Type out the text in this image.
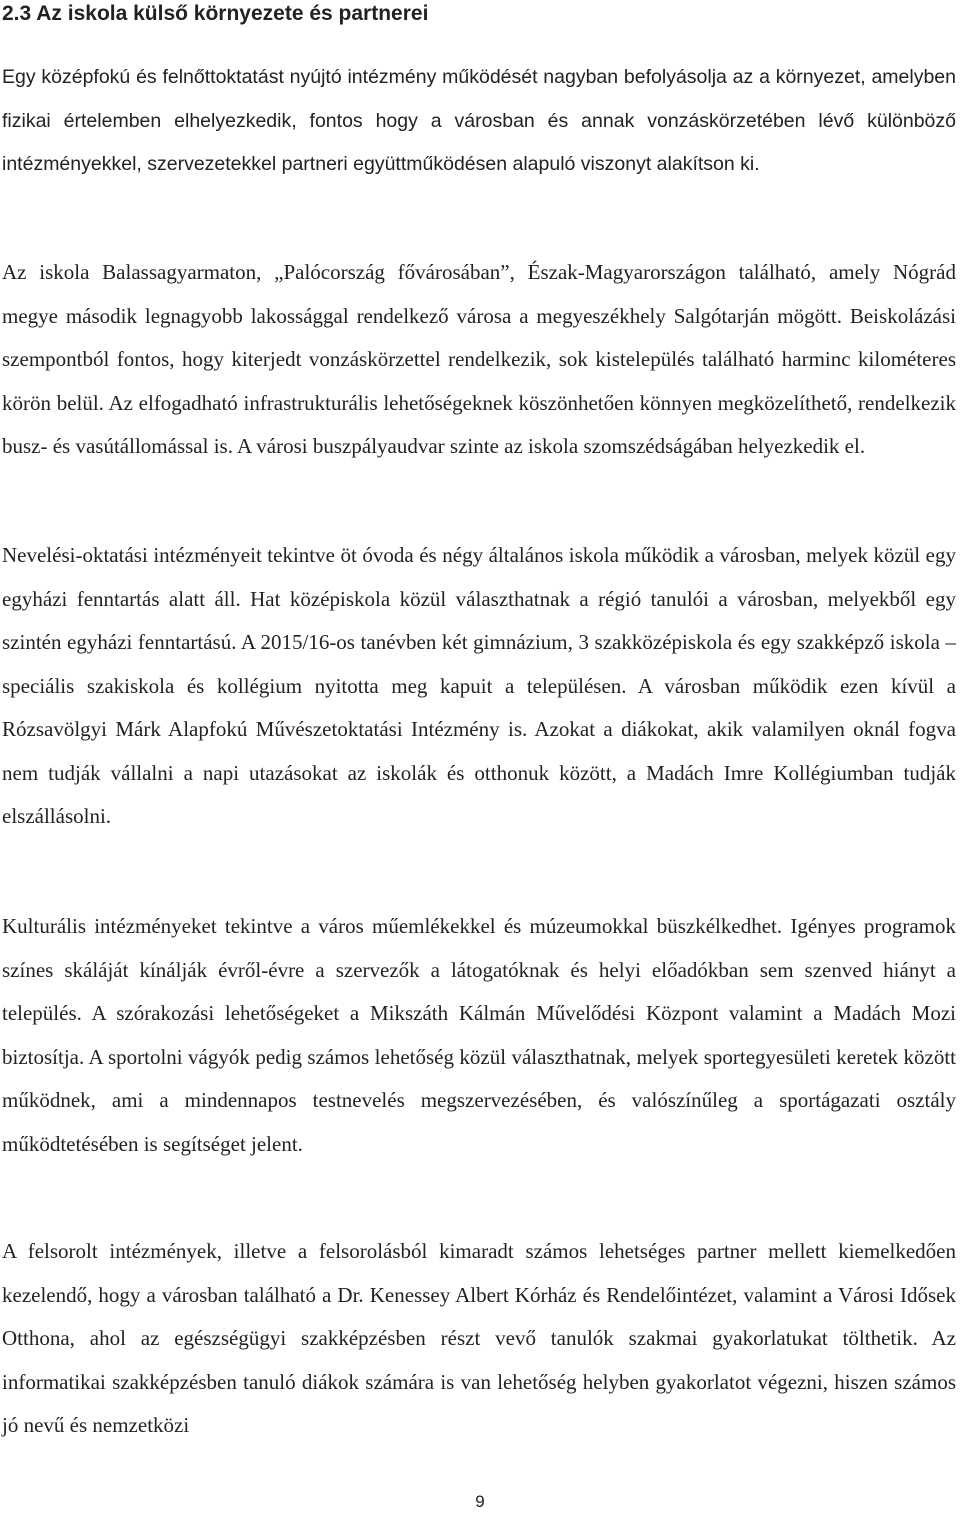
2.3 Az iskola külső környezete és partnerei

Egy középfokú és felnőttoktatást nyújtó intézmény működését nagyban befolyásolja az a környezet, amelyben fizikai értelemben elhelyezkedik, fontos hogy a városban és annak vonzáskörzetében lévő különböző intézményekkel, szervezetekkel partneri együttműködésen alapuló viszonyt alakítson ki.

Az iskola Balassagyarmaton, „Palócország fővárosában”, Észak-Magyarországon található, amely Nógrád megye második legnagyobb lakossággal rendelkező városa a megyeszékhely Salgótarján mögött. Beiskolázási szempontból fontos, hogy kiterjedt vonzáskörzettel rendelkezik, sok kistelepülés található harminc kilométeres körön belül. Az elfogadható infrastrukturális lehetőségeknek köszönhetően könnyen megközelíthető, rendelkezik busz- és vasútállomással is. A városi buszpályaudvar szinte az iskola szomszédságában helyezkedik el.

Nevelési-oktatási intézményeit tekintve öt óvoda és négy általános iskola működik a városban, melyek közül egy egyházi fenntartás alatt áll. Hat középiskola közül választhatnak a régió tanulói a városban, melyekből egy szintén egyházi fenntartású. A 2015/16-os tanévben két gimnázium, 3 szakközépiskola és egy szakképző iskola – speciális szakiskola és kollégium nyitotta meg kapuit a településen. A városban működik ezen kívül a Rózsavölgyi Márk Alapfokú Művészetoktatási Intézmény is. Azokat a diákokat, akik valamilyen oknál fogva nem tudják vállalni a napi utazásokat az iskolák és otthonuk között, a Madách Imre Kollégiumban tudják elszállásolni.

Kulturális intézményeket tekintve a város műemlékekkel és múzeumokkal büszkélkedhet. Igényes programok színes skáláját kínálják évről-évre a szervezők a látogatóknak és helyi előadókban sem szenved hiányt a település. A szórakozási lehetőségeket a Mikszáth Kálmán Művelődési Központ valamint a Madách Mozi biztosítja. A sportolni vágyók pedig számos lehetőség közül választhatnak, melyek sportegyesületi keretek között működnek, ami a mindennapos testnevelés megszervezésében, és valószínűleg a sportágazati osztály működtetésében is segítséget jelent.

A felsorolt intézmények, illetve a felsorolásból kimaradt számos lehetséges partner mellett kiemelkedően kezelendő, hogy a városban található a Dr. Kenessey Albert Kórház és Rendelőintézet, valamint a Városi Idősek Otthona, ahol az egészségügyi szakképzésben részt vevő tanulók szakmai gyakorlatukat tölthetik. Az informatikai szakképzésben tanuló diákok számára is van lehetőség helyben gyakorlatot végezni, hiszen számos jó nevű és nemzetközi

9
